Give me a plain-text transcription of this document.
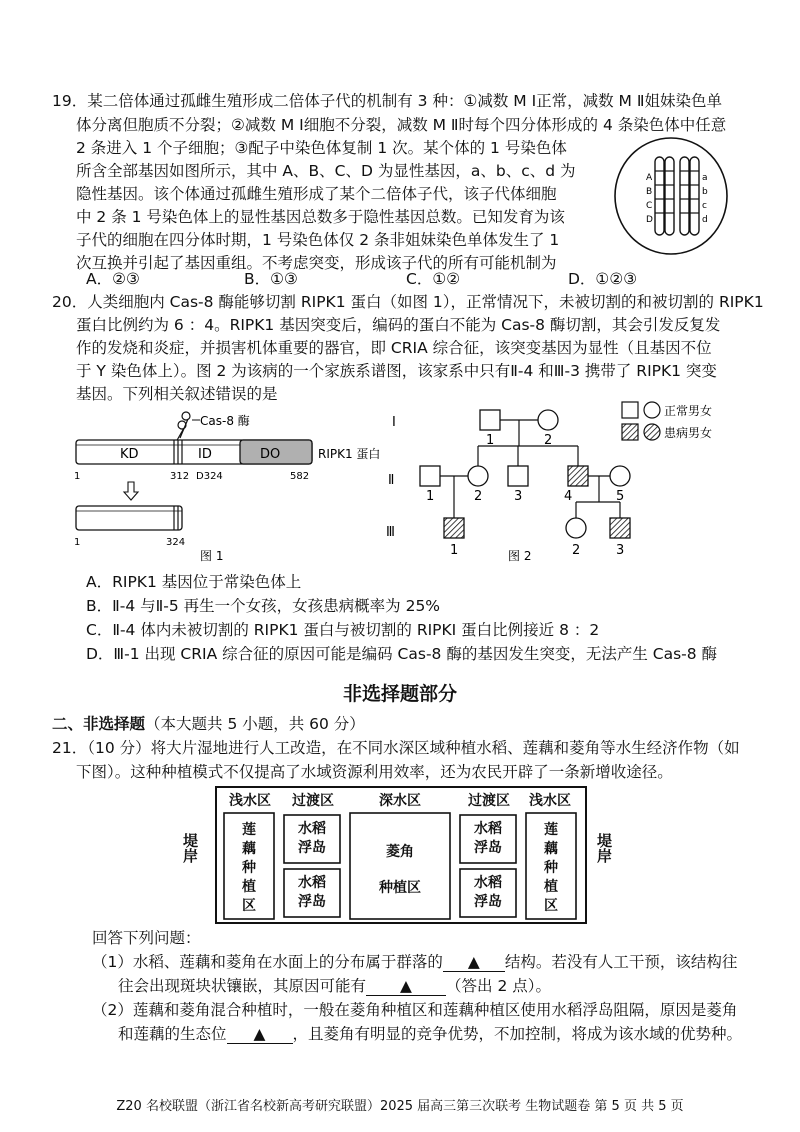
19．某二倍体通过孤雌生殖形成二倍体子代的机制有 3 种：①减数 M Ⅰ正常，减数 M Ⅱ姐妹染色单
体分离但胞质不分裂；②减数 M Ⅰ细胞不分裂，减数 M Ⅱ时每个四分体形成的 4 条染色体中任意
2 条进入 1 个子细胞；③配子中染色体复制 1 次。某个体的 1 号染色体
所含全部基因如图所示，其中 A、B、C、D 为显性基因，a、b、c、d 为
隐性基因。该个体通过孤雌生殖形成了某个二倍体子代，该子代体细胞
中 2 条 1 号染色体上的显性基因总数多于隐性基因总数。已知发育为该
子代的细胞在四分体时期，1 号染色体仅 2 条非姐妹染色单体发生了 1
次互换并引起了基因重组。不考虑突变，形成该子代的所有可能机制为
A
B
C
D
a
b
c
d
A．②③	B．①③	C．①②	D．①②③
20．人类细胞内 Cas-8 酶能够切割 RIPK1 蛋白（如图 1），正常情况下，未被切割的和被切割的 RIPK1
蛋白比例约为 6 ：4。RIPK1 基因突变后，编码的蛋白不能为 Cas-8 酶切割，其会引发反复发
作的发烧和炎症，并损害机体重要的器官，即 CRIA 综合征，该突变基因为显性（且基因不位
于 Y 染色体上）。图 2 为该病的一个家族系谱图，该家系中只有Ⅱ-4 和Ⅲ-3 携带了 RIPK1 突变
基因。下列相关叙述错误的是
Cas-8 酶
KD	ID	DO	RIPK1 蛋白
1	312 D324	582
1	324
图 1
Ⅰ
Ⅱ
Ⅲ
1	2
1	2 3	4	5
1	2	3
图 2
正常男女
患病男女
A．RIPK1 基因位于常染色体上
B．Ⅱ-4 与Ⅱ-5 再生一个女孩，女孩患病概率为 25%
C．Ⅱ-4 体内未被切割的 RIPK1 蛋白与被切割的 RIPKI 蛋白比例接近 8 ：2
D．Ⅲ-1 出现 CRIA 综合征的原因可能是编码 Cas-8 酶的基因发生突变，无法产生 Cas-8 酶
非选择题部分
二、非选择题（本大题共 5 小题，共 60 分）
21．（10 分）将大片湿地进行人工改造，在不同水深区域种植水稻、莲藕和菱角等水生经济作物（如
下图）。这种种植模式不仅提高了水域资源利用效率，还为农民开辟了一条新增收途径。
堤岸	堤岸
浅水区	过渡区	深水区	过渡区	浅水区
莲藕种植区
莲藕种植区
水稻浮岛
水稻浮岛
水稻浮岛
水稻浮岛
菱角
种植区
回答下列问题：
（1）水稻、莲藕和菱角在水面上的分布属于群落的 ▲ 结构。若没有人工干预，该结构往
往会出现斑块状镶嵌，其原因可能有 ▲ （答出 2 点）。
（2）莲藕和菱角混合种植时，一般在菱角种植区和莲藕种植区使用水稻浮岛阻隔，原因是菱角
和莲藕的生态位 ▲ ，且菱角有明显的竞争优势，不加控制，将成为该水域的优势种。
Z20 名校联盟（浙江省名校新高考研究联盟）2025 届高三第三次联考 生物试题卷 第 5 页 共 5 页
